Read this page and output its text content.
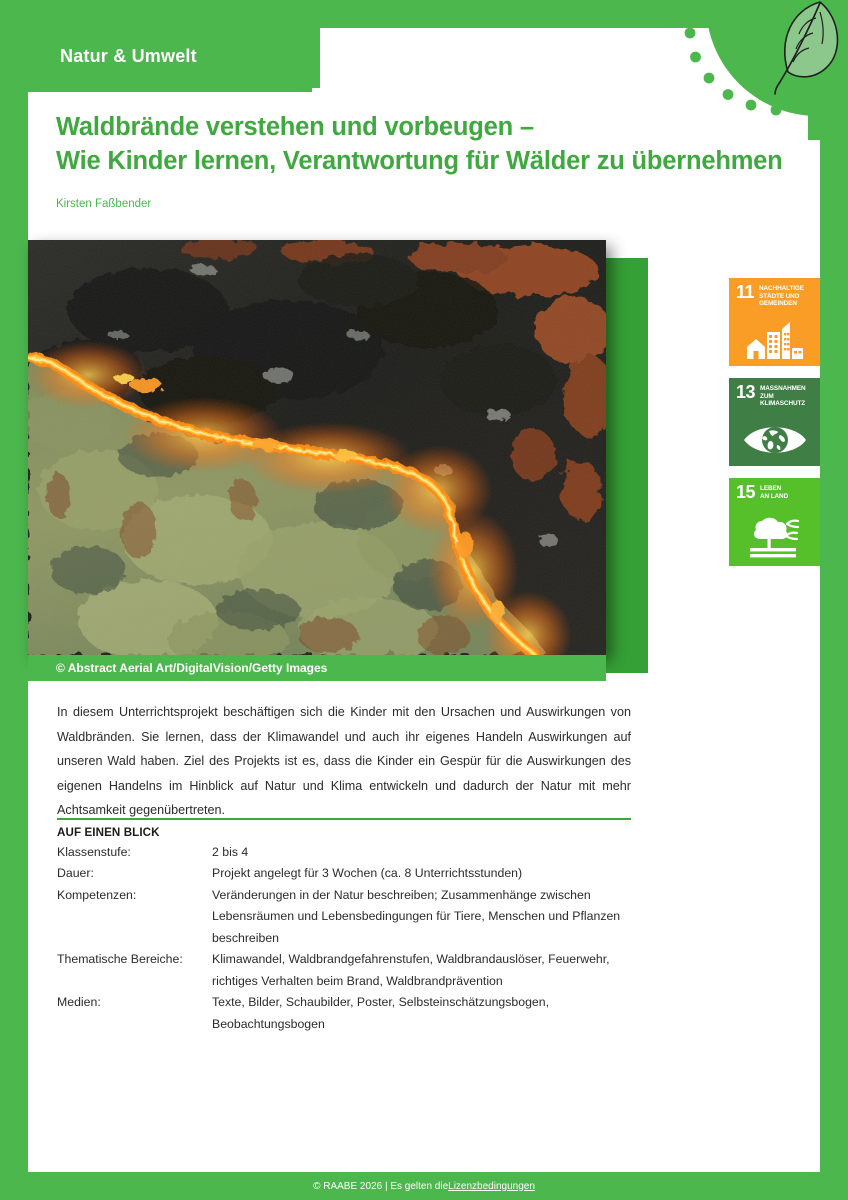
Natur & Umwelt
Waldbrände verstehen und vorbeugen –
Wie Kinder lernen, Verantwortung für Wälder zu übernehmen
Kirsten Faßbender
© Abstract Aerial Art/DigitalVision/Getty Images
11 NACHHALTIGE
STÄDTE UND
GEMEINDEN
13 MASSNAHMEN ZUM
KLIMASCHUTZ
15 LEBEN
AN LAND

In diesem Unterrichtsprojekt beschäftigen sich die Kinder mit den Ursachen und Auswirkungen von Waldbränden. Sie lernen, dass der Klimawandel und auch ihr eigenes Handeln Auswirkungen auf unseren Wald haben. Ziel des Projekts ist es, dass die Kinder ein Gespür für die Auswirkungen des eigenen Handelns im Hinblick auf Natur und Klima entwickeln und dadurch der Natur mit mehr Achtsamkeit gegenübertreten.

AUF EINEN BLICK
Klassenstufe:	2 bis 4
Dauer:	Projekt angelegt für 3 Wochen (ca. 8 Unterrichtsstunden)
Kompetenzen:	Veränderungen in der Natur beschreiben; Zusammenhänge zwischen Lebensräumen und Lebensbedingungen für Tiere, Menschen und Pflanzen beschreiben
Thematische Bereiche:	Klimawandel, Waldbrandgefahrenstufen, Waldbrandauslöser, Feuerwehr, richtiges Verhalten beim Brand, Waldbrandprävention
Medien:	Texte, Bilder, Schaubilder, Poster, Selbsteinschätzungsbogen, Beobachtungsbogen
© RAABE 2026 | Es gelten die Lizenzbedingungen
